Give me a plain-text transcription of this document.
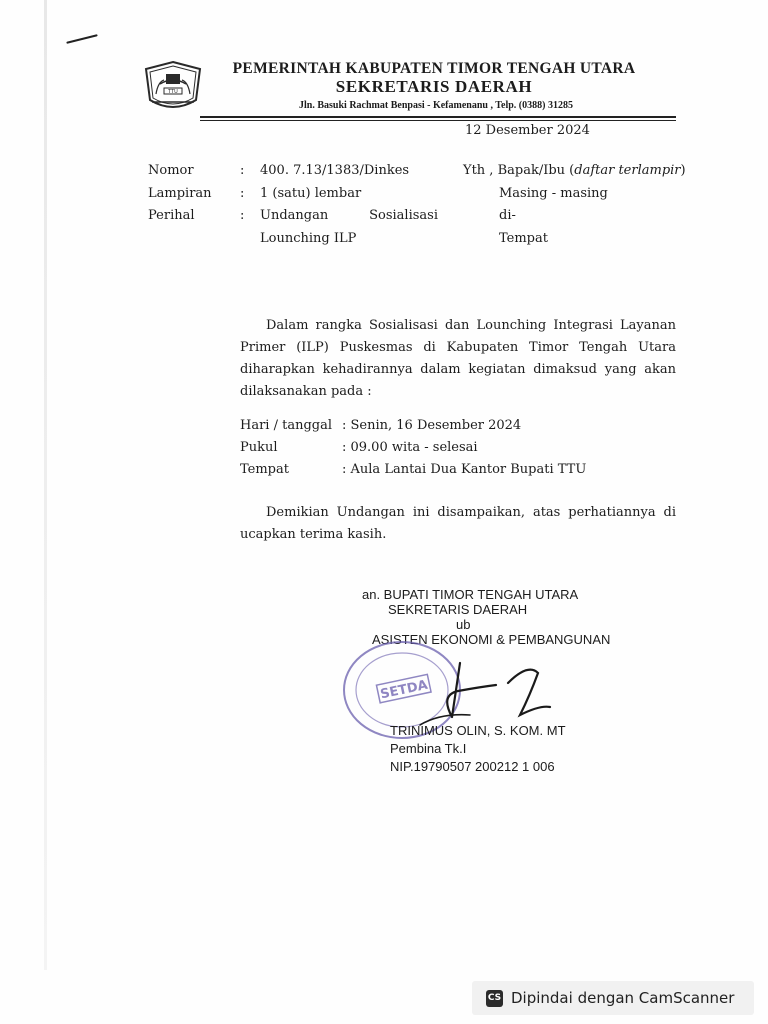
TTU
PEMERINTAH KABUPATEN TIMOR TENGAH UTARA
SEKRETARIS DAERAH
Jln. Basuki Rachmat Benpasi - Kefamenanu , Telp. (0388) 31285
12 Desember 2024
Nomor	:	400. 7.13/1383/Dinkes
Lampiran	:	1 (satu) lembar
Perihal	:	Undangan	Sosialisasi
Lounching ILP
Yth , Bapak/Ibu (daftar terlampir)
Masing - masing
di-
Tempat
Dalam rangka Sosialisasi dan Lounching Integrasi Layanan Primer (ILP) Puskesmas di Kabupaten Timor Tengah Utara diharapkan kehadirannya dalam kegiatan dimaksud yang akan dilaksanakan pada :
Hari / tanggal : Senin, 16 Desember 2024
Pukul	: 09.00 wita - selesai
Tempat	: Aula Lantai Dua Kantor Bupati TTU
Demikian Undangan ini disampaikan, atas perhatiannya di ucapkan terima kasih.
an. BUPATI TIMOR TENGAH UTARA
SEKRETARIS DAERAH
ub
ASISTEN EKONOMI & PEMBANGUNAN
SETDA
TRINIMUS OLIN, S. KOM. MT
Pembina Tk.I
NIP.19790507 200212 1 006
CS Dipindai dengan CamScanner
